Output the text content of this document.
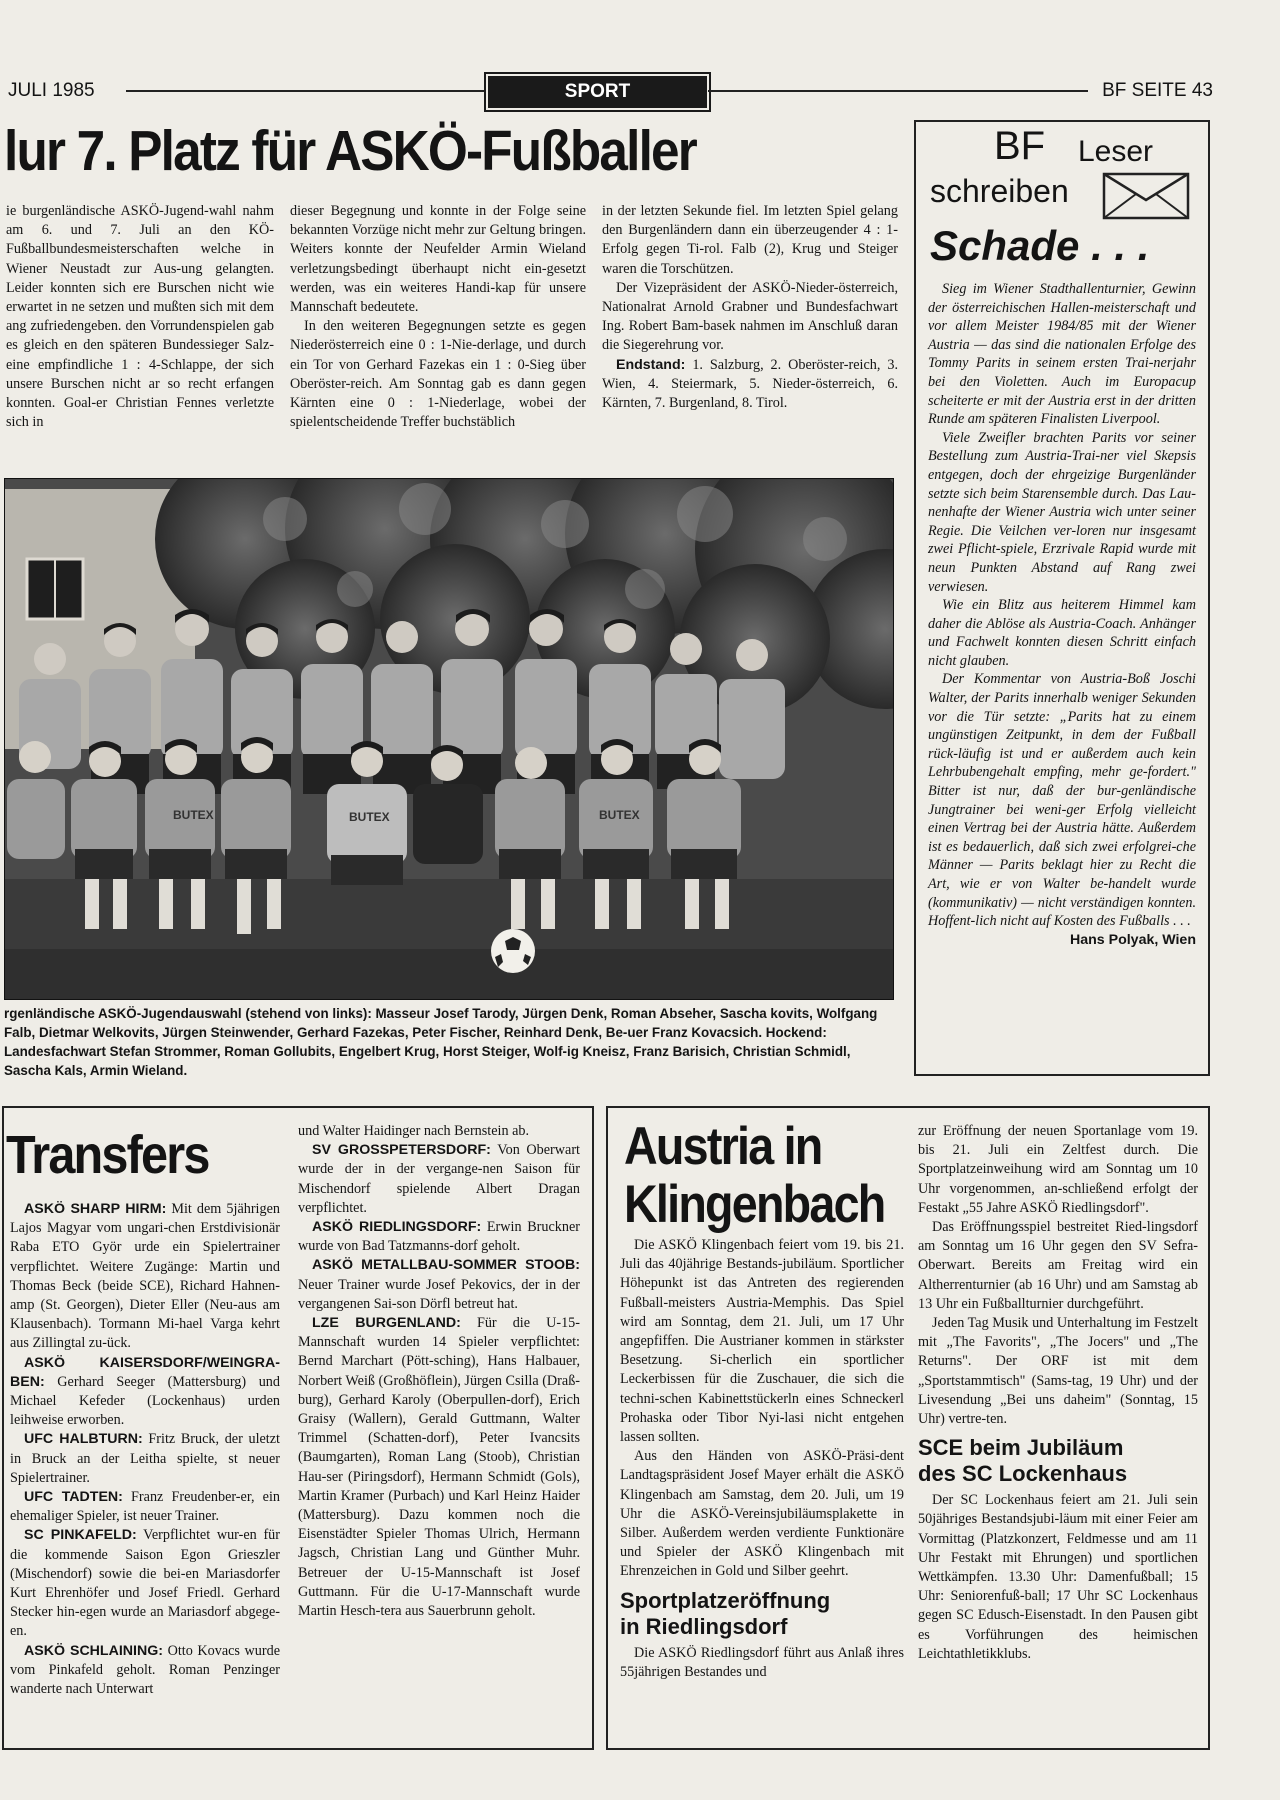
JULI 1985	SPORT	BF SEITE 43
lur 7. Platz für ASKÖ-Fußballer

ie burgenländische ASKÖ-Jugend-wahl nahm am 6. und 7. Juli an den KÖ-Fußballbundesmeisterschaften welche in Wiener Neustadt zur Aus-ung gelangten. Leider konnten sich ere Burschen nicht wie erwartet in ne setzen und mußten sich mit dem ang zufriedengeben. den Vorrundenspielen gab es gleich en den späteren Bundessieger Salz-eine empfindliche 1 : 4-Schlappe, der sich unsere Burschen nicht ar so recht erfangen konnten. Goal-er Christian Fennes verletzte sich in

dieser Begegnung und konnte in der Folge seine bekannten Vorzüge nicht mehr zur Geltung bringen. Weiters konnte der Neufelder Armin Wieland verletzungsbedingt überhaupt nicht ein-gesetzt werden, was ein weiteres Handi-kap für unsere Mannschaft bedeutete.

In den weiteren Begegnungen setzte es gegen Niederösterreich eine 0 : 1-Nie-derlage, und durch ein Tor von Gerhard Fazekas ein 1 : 0-Sieg über Oberöster-reich. Am Sonntag gab es dann gegen Kärnten eine 0 : 1-Niederlage, wobei der spielentscheidende Treffer buchstäblich

in der letzten Sekunde fiel. Im letzten Spiel gelang den Burgenländern dann ein überzeugender 4 : 1-Erfolg gegen Ti-rol. Falb (2), Krug und Steiger waren die Torschützen.

Der Vizepräsident der ASKÖ-Nieder-österreich, Nationalrat Arnold Grabner und Bundesfachwart Ing. Robert Bam-basek nahmen im Anschluß daran die Siegerehrung vor.

Endstand: 1. Salzburg, 2. Oberöster-reich, 3. Wien, 4. Steiermark, 5. Nieder-österreich, 6. Kärnten, 7. Burgenland, 8. Tirol.

BUTEX	BUTEX	BUTEX
rgenländische ASKÖ-Jugendauswahl (stehend von links): Masseur Josef Tarody, Jürgen Denk, Roman Abseher, Sascha kovits, Wolfgang Falb, Dietmar Welkovits, Jürgen Steinwender, Gerhard Fazekas, Peter Fischer, Reinhard Denk, Be-uer Franz Kovacsich. Hockend: Landesfachwart Stefan Strommer, Roman Gollubits, Engelbert Krug, Horst Steiger, Wolf-ig Kneisz, Franz Barisich, Christian Schmidl, Sascha Kals, Armin Wieland.
BF Leser
schreiben
Schade . . .

Sieg im Wiener Stadthallenturnier, Gewinn der österreichischen Hallen-meisterschaft und vor allem Meister 1984/85 mit der Wiener Austria — das sind die nationalen Erfolge des Tommy Parits in seinem ersten Trai-nerjahr bei den Violetten. Auch im Europacup scheiterte er mit der Austria erst in der dritten Runde am späteren Finalisten Liverpool.

Viele Zweifler brachten Parits vor seiner Bestellung zum Austria-Trai-ner viel Skepsis entgegen, doch der ehrgeizige Burgenländer setzte sich beim Starensemble durch. Das Lau-nenhafte der Wiener Austria wich unter seiner Regie. Die Veilchen ver-loren nur insgesamt zwei Pflicht-spiele, Erzrivale Rapid wurde mit neun Punkten Abstand auf Rang zwei verwiesen.

Wie ein Blitz aus heiterem Himmel kam daher die Ablöse als Austria-Coach. Anhänger und Fachwelt konnten diesen Schritt einfach nicht glauben.

Der Kommentar von Austria-Boß Joschi Walter, der Parits innerhalb weniger Sekunden vor die Tür setzte: „Parits hat zu einem ungünstigen Zeitpunkt, in dem der Fußball rück-läufig ist und er außerdem auch kein Lehrbubengehalt empfing, mehr ge-fordert." Bitter ist nur, daß der bur-genländische Jungtrainer bei weni-ger Erfolg vielleicht einen Vertrag bei der Austria hätte. Außerdem ist es bedauerlich, daß sich zwei erfolgrei-che Männer — Parits beklagt hier zu Recht die Art, wie er von Walter be-handelt wurde (kommunikativ) — nicht verständigen konnten. Hoffent-lich nicht auf Kosten des Fußballs . . .

Hans Polyak, Wien

Transfers

ASKÖ SHARP HIRM: Mit dem 5jährigen Lajos Magyar vom ungari-chen Erstdivisionär Raba ETO Györ urde ein Spielertrainer verpflichtet. Weitere Zugänge: Martin und Thomas Beck (beide SCE), Richard Hahnen-amp (St. Georgen), Dieter Eller (Neu-aus am Klausenbach). Tormann Mi-hael Varga kehrt aus Zillingtal zu-ück.

ASKÖ KAISERSDORF/WEINGRA-BEN: Gerhard Seeger (Mattersburg) und Michael Kefeder (Lockenhaus) urden leihweise erworben.

UFC HALBTURN: Fritz Bruck, der uletzt in Bruck an der Leitha spielte, st neuer Spielertrainer.

UFC TADTEN: Franz Freudenber-er, ein ehemaliger Spieler, ist neuer Trainer.

SC PINKAFELD: Verpflichtet wur-en für die kommende Saison Egon Grieszler (Mischendorf) sowie die bei-en Mariasdorfer Kurt Ehrenhöfer und Josef Friedl. Gerhard Stecker hin-egen wurde an Mariasdorf abgege-en.

ASKÖ SCHLAINING: Otto Kovacs wurde vom Pinkafeld geholt. Roman Penzinger wanderte nach Unterwart

und Walter Haidinger nach Bernstein ab.

SV GROSSPETERSDORF: Von Oberwart wurde der in der vergange-nen Saison für Mischendorf spielende Albert Dragan verpflichtet.

ASKÖ RIEDLINGSDORF: Erwin Bruckner wurde von Bad Tatzmanns-dorf geholt.

ASKÖ METALLBAU-SOMMER STOOB: Neuer Trainer wurde Josef Pekovics, der in der vergangenen Sai-son Dörfl betreut hat.

LZE BURGENLAND: Für die U-15-Mannschaft wurden 14 Spieler verpflichtet: Bernd Marchart (Pött-sching), Hans Halbauer, Norbert Weiß (Großhöflein), Jürgen Csilla (Draß-burg), Gerhard Karoly (Oberpullen-dorf), Erich Graisy (Wallern), Gerald Guttmann, Walter Trimmel (Schatten-dorf), Peter Ivancsits (Baumgarten), Roman Lang (Stoob), Christian Hau-ser (Piringsdorf), Hermann Schmidt (Gols), Martin Kramer (Purbach) und Karl Heinz Haider (Mattersburg). Dazu kommen noch die Eisenstädter Spieler Thomas Ulrich, Hermann Jagsch, Christian Lang und Günther Muhr. Betreuer der U-15-Mannschaft ist Josef Guttmann. Für die U-17-Mannschaft wurde Martin Hesch-tera aus Sauerbrunn geholt.

Austria in
Klingenbach

Die ASKÖ Klingenbach feiert vom 19. bis 21. Juli das 40jährige Bestands-jubiläum. Sportlicher Höhepunkt ist das Antreten des regierenden Fußball-meisters Austria-Memphis. Das Spiel wird am Sonntag, dem 21. Juli, um 17 Uhr angepfiffen. Die Austrianer kommen in stärkster Besetzung. Si-cherlich ein sportlicher Leckerbissen für die Zuschauer, die sich die techni-schen Kabinettstückerln eines Schneckerl Prohaska oder Tibor Nyi-lasi nicht entgehen lassen sollten.

Aus den Händen von ASKÖ-Präsi-dent Landtagspräsident Josef Mayer erhält die ASKÖ Klingenbach am Samstag, dem 20. Juli, um 19 Uhr die ASKÖ-Vereinsjubiläumsplakette in Silber. Außerdem werden verdiente Funktionäre und Spieler der ASKÖ Klingenbach mit Ehrenzeichen in Gold und Silber geehrt.

Sportplatzeröffnung
in Riedlingsdorf

Die ASKÖ Riedlingsdorf führt aus Anlaß ihres 55jährigen Bestandes und

zur Eröffnung der neuen Sportanlage vom 19. bis 21. Juli ein Zeltfest durch. Die Sportplatzeinweihung wird am Sonntag um 10 Uhr vorgenommen, an-schließend erfolgt der Festakt „55 Jahre ASKÖ Riedlingsdorf".

Das Eröffnungsspiel bestreitet Ried-lingsdorf am Sonntag um 16 Uhr gegen den SV Sefra-Oberwart. Bereits am Freitag wird ein Altherrenturnier (ab 16 Uhr) und am Samstag ab 13 Uhr ein Fußballturnier durchgeführt.

Jeden Tag Musik und Unterhaltung im Festzelt mit „The Favorits", „The Jocers" und „The Returns". Der ORF ist mit dem „Sportstammtisch" (Sams-tag, 19 Uhr) und der Livesendung „Bei uns daheim" (Sonntag, 15 Uhr) vertre-ten.

SCE beim Jubiläum
des SC Lockenhaus

Der SC Lockenhaus feiert am 21. Juli sein 50jähriges Bestandsjubi-läum mit einer Feier am Vormittag (Platzkonzert, Feldmesse und am 11 Uhr Festakt mit Ehrungen) und sportlichen Wettkämpfen. 13.30 Uhr: Damenfußball; 15 Uhr: Seniorenfuß-ball; 17 Uhr SC Lockenhaus gegen SC Edusch-Eisenstadt. In den Pausen gibt es Vorführungen des heimischen Leichtathletikklubs.
